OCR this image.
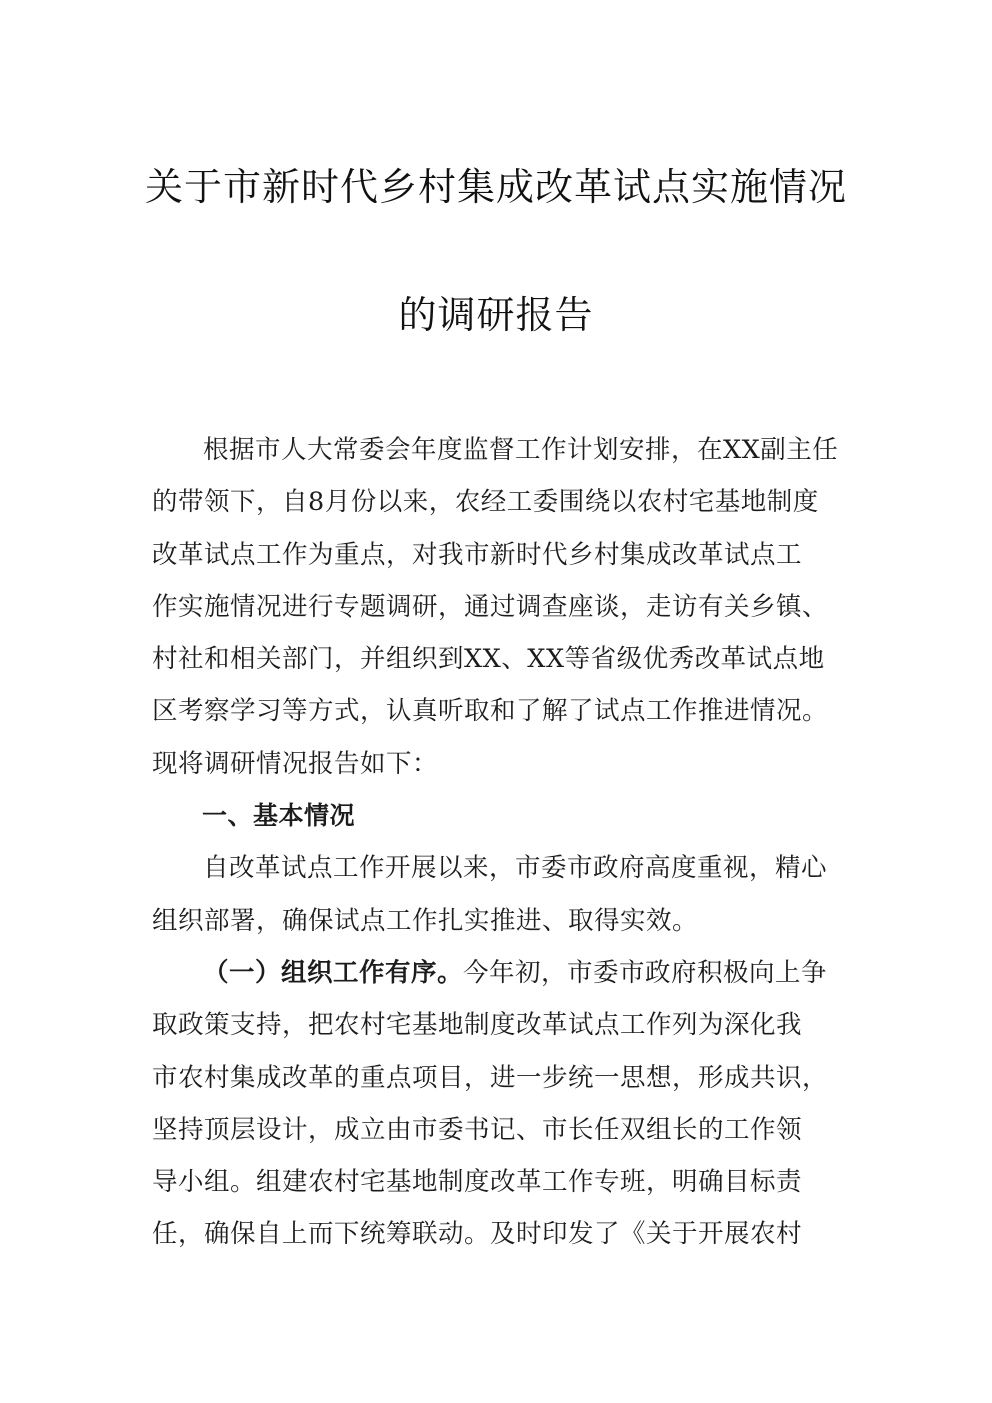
关于市新时代乡村集成改革试点实施情况
的调研报告

根据市人大常委会年度监督工作计划安排，在XX副主任
的带领下，自8月份以来，农经工委围绕以农村宅基地制度
改革试点工作为重点，对我市新时代乡村集成改革试点工
作实施情况进行专题调研，通过调查座谈，走访有关乡镇、
村社和相关部门，并组织到XX、XX等省级优秀改革试点地
区考察学习等方式，认真听取和了解了试点工作推进情况。
现将调研情况报告如下：

一、基本情况

自改革试点工作开展以来，市委市政府高度重视，精心
组织部署，确保试点工作扎实推进、取得实效。

（一）组织工作有序。今年初，市委市政府积极向上争
取政策支持，把农村宅基地制度改革试点工作列为深化我
市农村集成改革的重点项目，进一步统一思想，形成共识，
坚持顶层设计，成立由市委书记、市长任双组长的工作领
导小组。组建农村宅基地制度改革工作专班，明确目标责
任，确保自上而下统筹联动。及时印发了《关于开展农村
